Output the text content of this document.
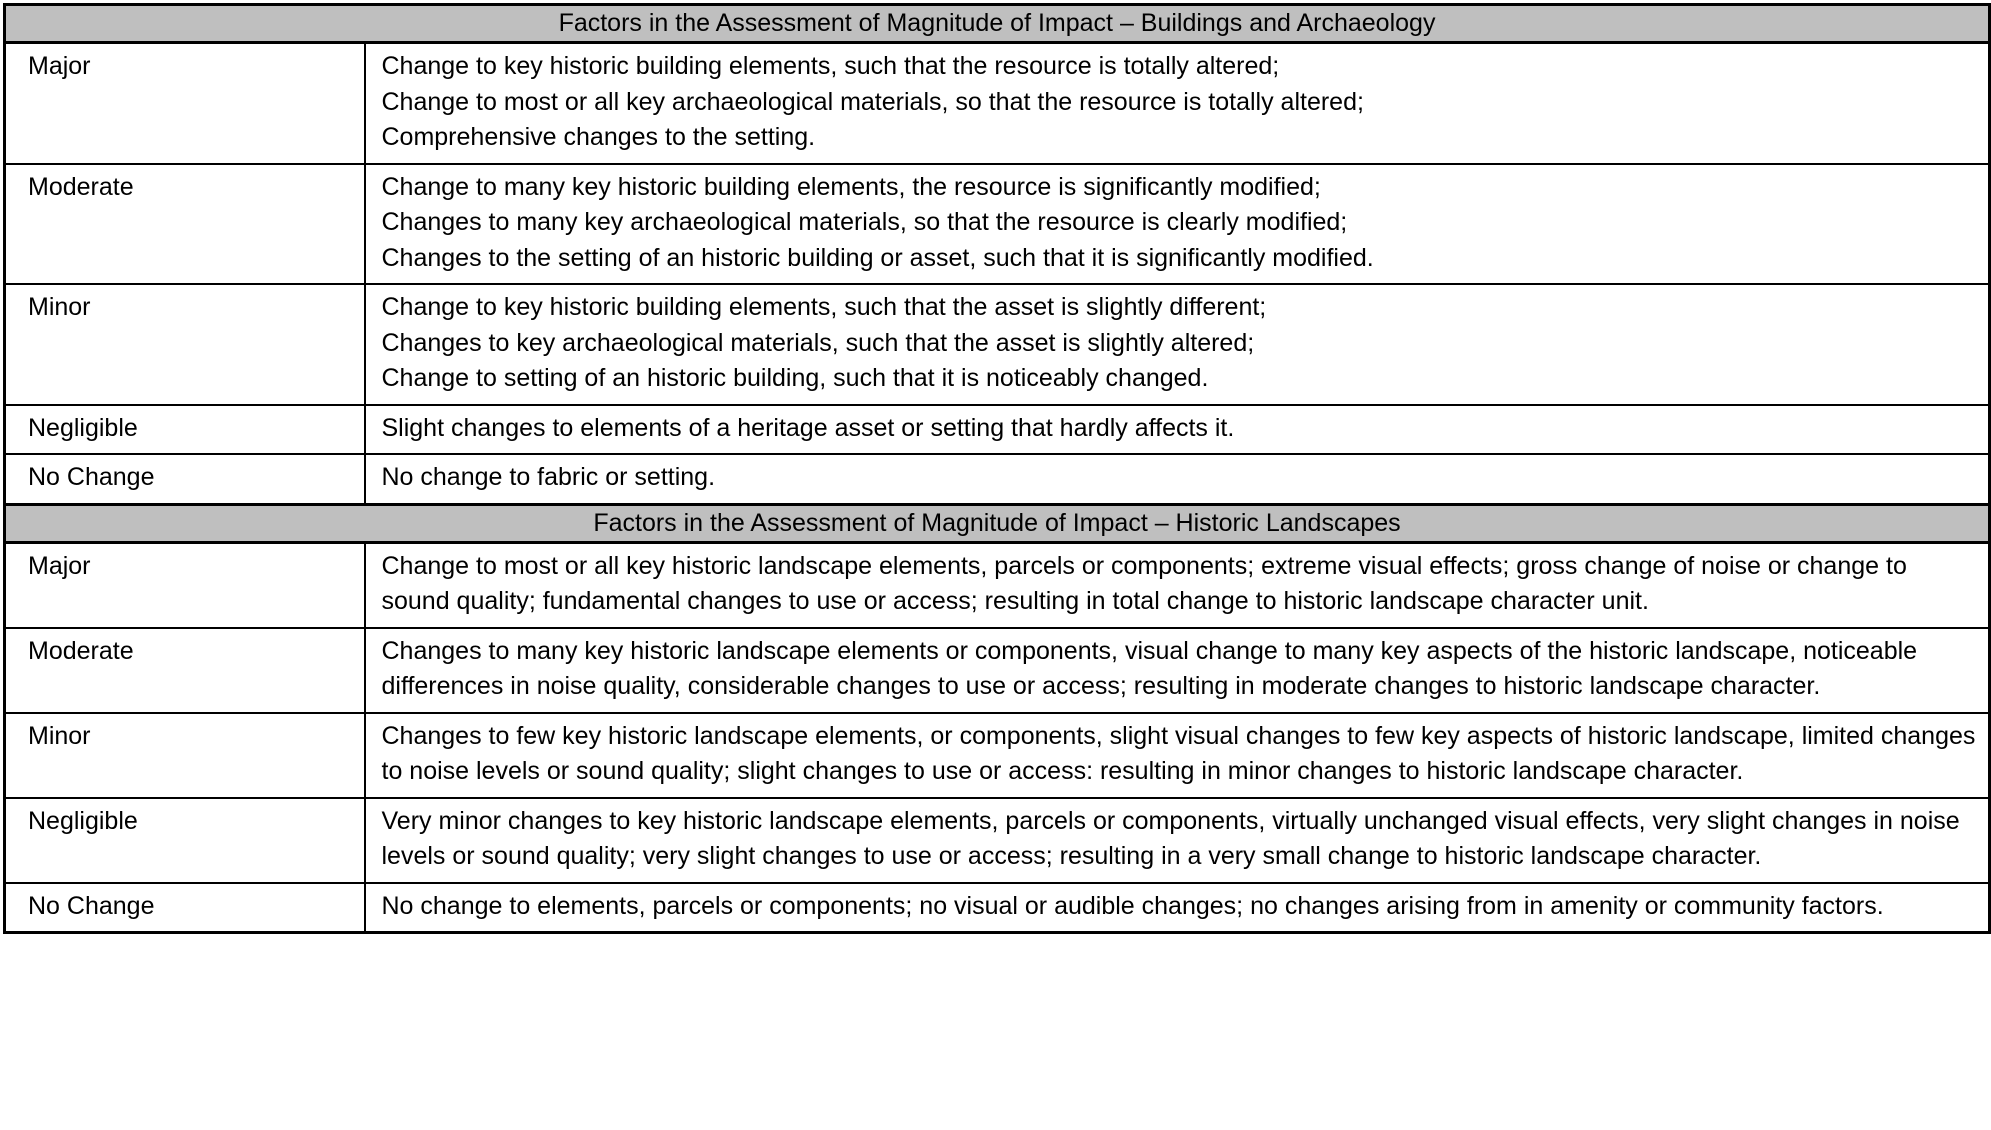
Factors in the Assessment of Magnitude of Impact – Buildings and Archaeology	
Major	Change to key historic building elements, such that the resource is totally altered;
Change to most or all key archaeological materials, so that the resource is totally altered;
Comprehensive changes to the setting.

Moderate	Change to many key historic building elements, the resource is significantly modified;
Changes to many key archaeological materials, so that the resource is clearly modified;
Changes to the setting of an historic building or asset, such that it is significantly modified.

Minor	Change to key historic building elements, such that the asset is slightly different;
Changes to key archaeological materials, such that the asset is slightly altered;
Change to setting of an historic building, such that it is noticeably changed.

Negligible	Slight changes to elements of a heritage asset or setting that hardly affects it.

No Change	No change to fabric or setting.

Factors in the Assessment of Magnitude of Impact – Historic Landscapes	
Major	Change to most or all key historic landscape elements, parcels or components; extreme visual effects; gross change of noise or change to sound quality; fundamental changes to use or access; resulting in total change to historic landscape character unit.

Moderate	Changes to many key historic landscape elements or components, visual change to many key aspects of the historic landscape, noticeable differences in noise quality, considerable changes to use or access; resulting in moderate changes to historic landscape character.

Minor	Changes to few key historic landscape elements, or components, slight visual changes to few key aspects of historic landscape, limited changes to noise levels or sound quality; slight changes to use or access: resulting in minor changes to historic landscape character.

Negligible	Very minor changes to key historic landscape elements, parcels or components, virtually unchanged visual effects, very slight changes in noise levels or sound quality; very slight changes to use or access; resulting in a very small change to historic landscape character.

No Change	No change to elements, parcels or components; no visual or audible changes; no changes arising from in amenity or community factors.
